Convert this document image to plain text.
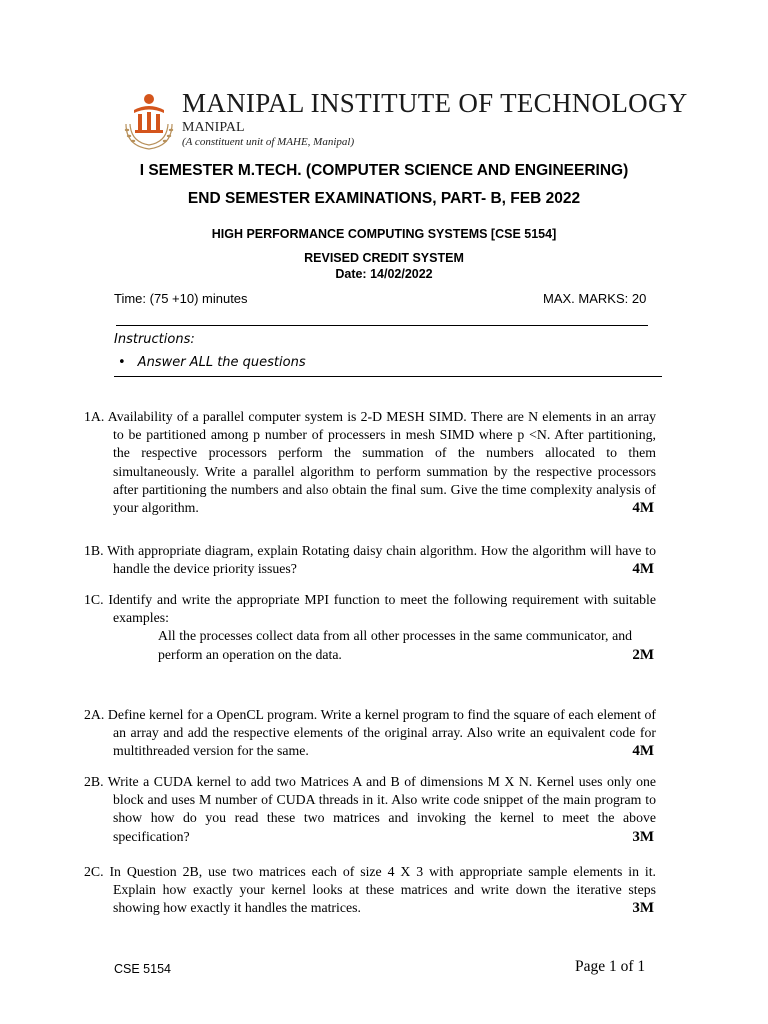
MANIPAL INSTITUTE OF TECHNOLOGY
MANIPAL
(A constituent unit of MAHE, Manipal)
I SEMESTER M.TECH. (COMPUTER SCIENCE AND ENGINEERING)
END SEMESTER EXAMINATIONS, PART- B, FEB 2022
HIGH PERFORMANCE COMPUTING SYSTEMS [CSE 5154]
REVISED CREDIT SYSTEM
Date: 14/02/2022
Time: (75 +10) minutes	MAX. MARKS: 20
Instructions:
• Answer ALL the questions
1A. Availability of a parallel computer system is 2-D MESH SIMD. There are N elements in an array to be partitioned among p number of processers in mesh SIMD where p <N. After partitioning, the respective processors perform the summation of the numbers allocated to them simultaneously. Write a parallel algorithm to perform summation by the respective processors after partitioning the numbers and also obtain the final sum. Give the time complexity analysis of your algorithm.	4M
1B. With appropriate diagram, explain Rotating daisy chain algorithm. How the algorithm will have to handle the device priority issues?	4M
1C. Identify and write the appropriate MPI function to meet the following requirement with suitable examples:
All the processes collect data from all other processes in the same communicator, and perform an operation on the data.	2M
2A. Define kernel for a OpenCL program. Write a kernel program to find the square of each element of an array and add the respective elements of the original array. Also write an equivalent code for multithreaded version for the same.	4M
2B. Write a CUDA kernel to add two Matrices A and B of dimensions M X N. Kernel uses only one block and uses M number of CUDA threads in it. Also write code snippet of the main program to show how do you read these two matrices and invoking the kernel to meet the above specification?	3M
2C. In Question 2B, use two matrices each of size 4 X 3 with appropriate sample elements in it. Explain how exactly your kernel looks at these matrices and write down the iterative steps showing how exactly it handles the matrices.	3M
CSE 5154	Page 1 of 1
